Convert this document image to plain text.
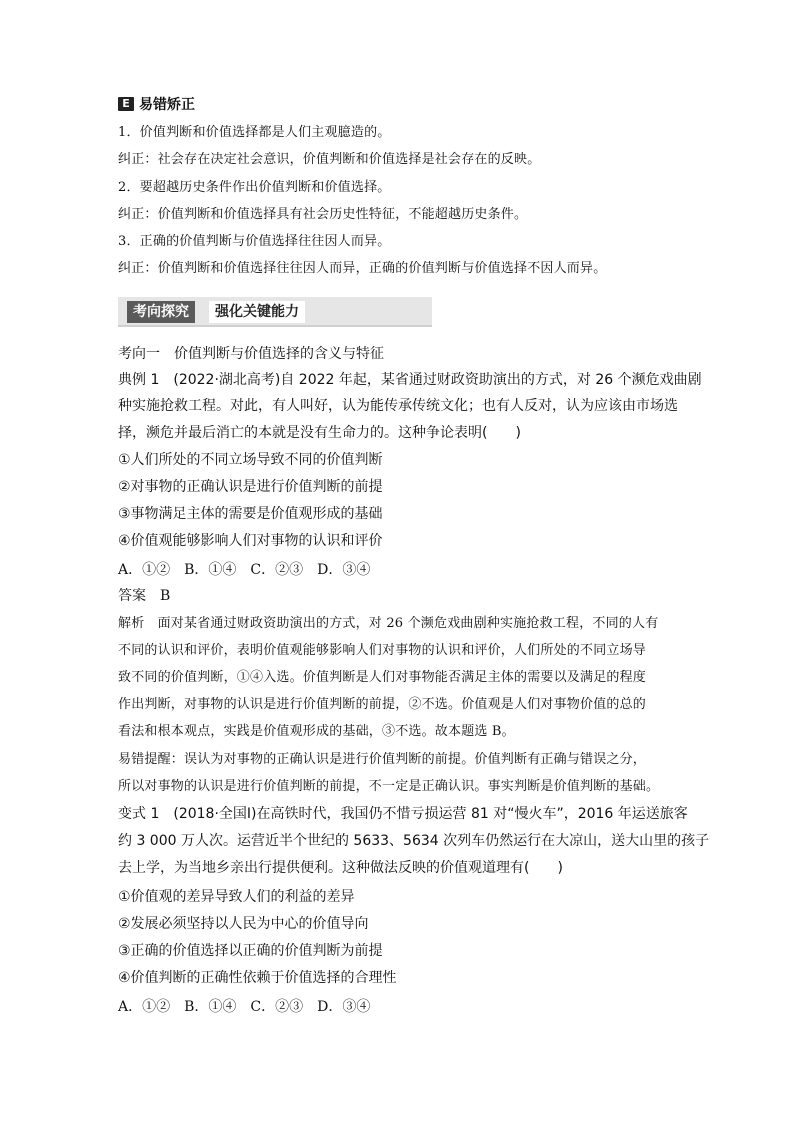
E 易错矫正
1．价值判断和价值选择都是人们主观臆造的。
纠正：社会存在决定社会意识，价值判断和价值选择是社会存在的反映。
2．要超越历史条件作出价值判断和价值选择。
纠正：价值判断和价值选择具有社会历史性特征，不能超越历史条件。
3．正确的价值判断与价值选择往往因人而异。
纠正：价值判断和价值选择往往因人而异，正确的价值判断与价值选择不因人而异。
考向探究	强化关键能力
考向一　价值判断与价值选择的含义与特征
典例 1　(2022·湖北高考)自 2022 年起，某省通过财政资助演出的方式，对 26 个濒危戏曲剧
种实施抢救工程。对此，有人叫好，认为能传承传统文化；也有人反对，认为应该由市场选
择，濒危并最后消亡的本就是没有生命力的。这种争论表明(　　)
①人们所处的不同立场导致不同的价值判断
②对事物的正确认识是进行价值判断的前提
③事物满足主体的需要是价值观形成的基础
④价值观能够影响人们对事物的认识和评价
A．①②　B．①④　C．②③　D．③④
答案　B
解析　面对某省通过财政资助演出的方式，对 26 个濒危戏曲剧种实施抢救工程，不同的人有
不同的认识和评价，表明价值观能够影响人们对事物的认识和评价，人们所处的不同立场导
致不同的价值判断，①④入选。价值判断是人们对事物能否满足主体的需要以及满足的程度
作出判断，对事物的认识是进行价值判断的前提，②不选。价值观是人们对事物价值的总的
看法和根本观点，实践是价值观形成的基础，③不选。故本题选 B。
易错提醒：误认为对事物的正确认识是进行价值判断的前提。价值判断有正确与错误之分，
所以对事物的认识是进行价值判断的前提，不一定是正确认识。事实判断是价值判断的基础。
变式 1　(2018·全国Ⅰ)在高铁时代，我国仍不惜亏损运营 81 对“慢火车”，2016 年运送旅客
约 3 000 万人次。运营近半个世纪的 5633、5634 次列车仍然运行在大凉山，送大山里的孩子
去上学，为当地乡亲出行提供便利。这种做法反映的价值观道理有(　　)
①价值观的差异导致人们的利益的差异
②发展必须坚持以人民为中心的价值导向
③正确的价值选择以正确的价值判断为前提
④价值判断的正确性依赖于价值选择的合理性
A．①②　B．①④　C．②③　D．③④
